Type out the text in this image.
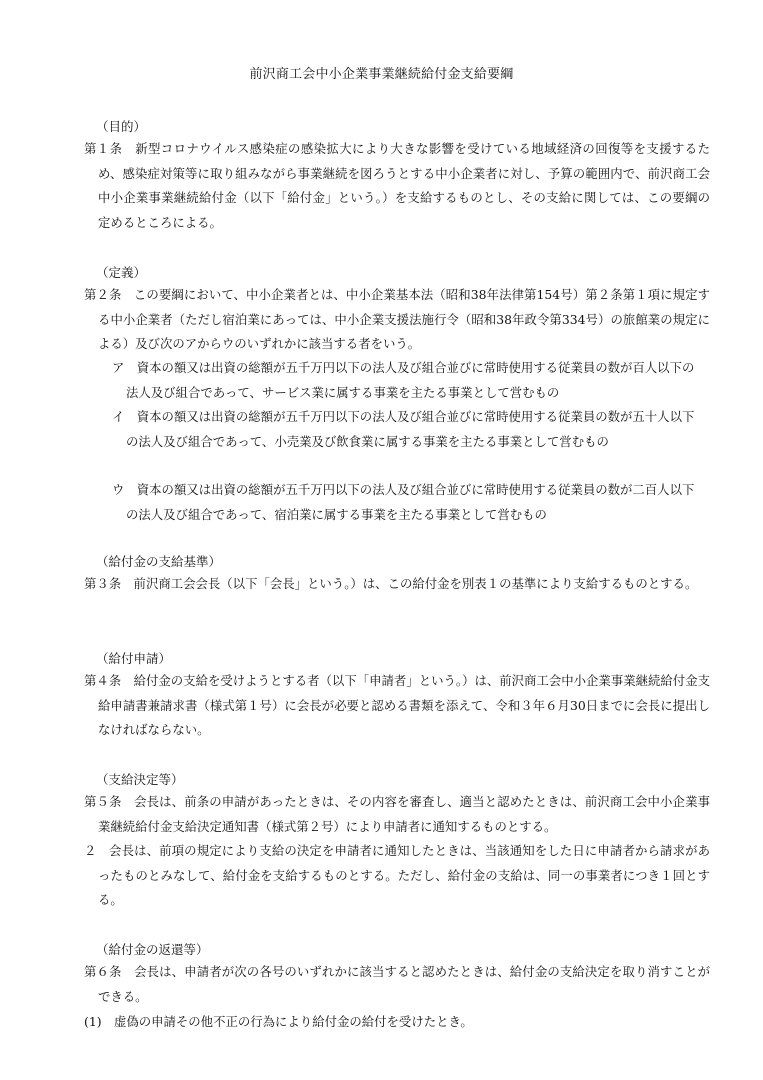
前沢商工会中小企業事業継続給付金支給要綱
（目的）
第１条　新型コロナウイルス感染症の感染拡大により大きな影響を受けている地域経済の回復等を支援するため、感染症対策等に取り組みながら事業継続を図ろうとする中小企業者に対し、予算の範囲内で、前沢商工会中小企業事業継続給付金（以下「給付金」という。）を支給するものとし、その支給に関しては、この要綱の定めるところによる。
（定義）
第２条　この要綱において、中小企業者とは、中小企業基本法（昭和38年法律第154号）第２条第１項に規定する中小企業者（ただし宿泊業にあっては、中小企業支援法施行令（昭和38年政令第334号）の旅館業の規定による）及び次のアからウのいずれかに該当する者をいう。
ア　資本の額又は出資の総額が五千万円以下の法人及び組合並びに常時使用する従業員の数が百人以下の法人及び組合であって、サービス業に属する事業を主たる事業として営むもの
イ　資本の額又は出資の総額が五千万円以下の法人及び組合並びに常時使用する従業員の数が五十人以下の法人及び組合であって、小売業及び飲食業に属する事業を主たる事業として営むもの
ウ　資本の額又は出資の総額が五千万円以下の法人及び組合並びに常時使用する従業員の数が二百人以下の法人及び組合であって、宿泊業に属する事業を主たる事業として営むもの
（給付金の支給基準）
第３条　前沢商工会会長（以下「会長」という。）は、この給付金を別表１の基準により支給するものとする。
（給付申請）
第４条　給付金の支給を受けようとする者（以下「申請者」という。）は、前沢商工会中小企業事業継続給付金支給申請書兼請求書（様式第１号）に会長が必要と認める書類を添えて、令和３年６月30日までに会長に提出しなければならない。
（支給決定等）
第５条　会長は、前条の申請があったときは、その内容を審査し、適当と認めたときは、前沢商工会中小企業事業継続給付金支給決定通知書（様式第２号）により申請者に通知するものとする。
２　会長は、前項の規定により支給の決定を申請者に通知したときは、当該通知をした日に申請者から請求があったものとみなして、給付金を支給するものとする。ただし、給付金の支給は、同一の事業者につき１回とする。
（給付金の返還等）
第６条　会長は、申請者が次の各号のいずれかに該当すると認めたときは、給付金の支給決定を取り消すことができる。
(1)　虚偽の申請その他不正の行為により給付金の給付を受けたとき。
